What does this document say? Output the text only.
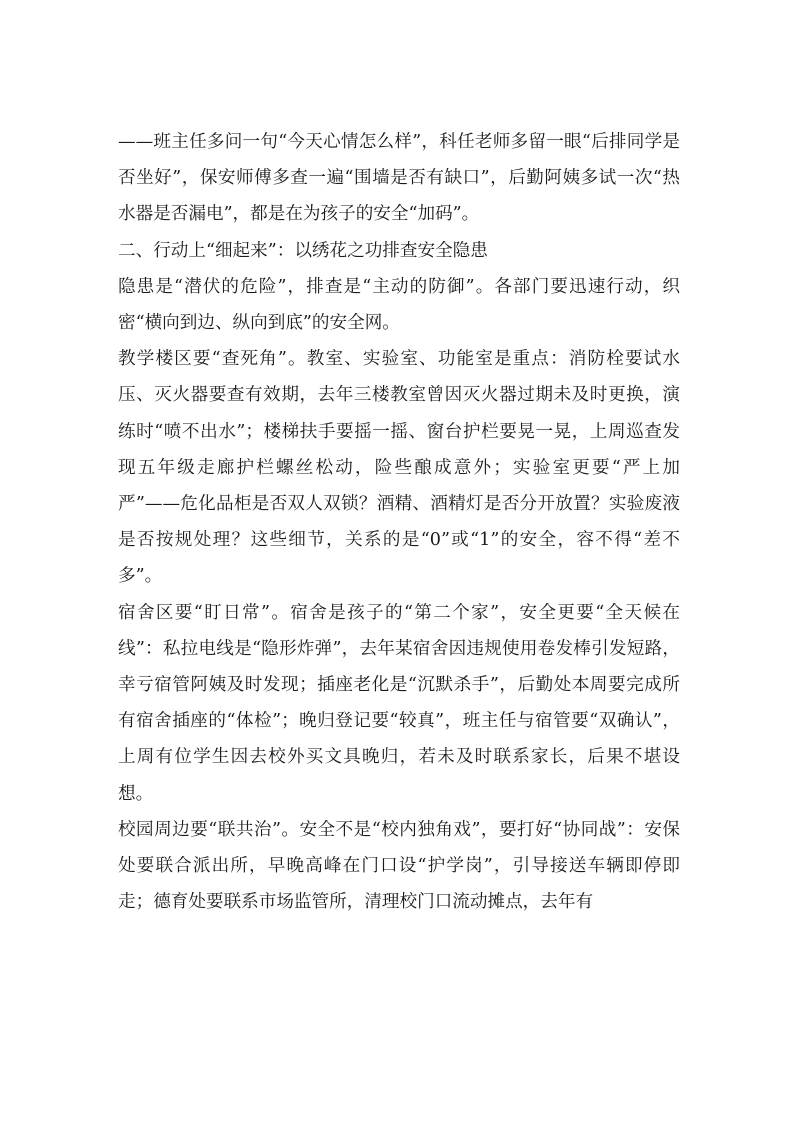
——班主任多问一句“今天心情怎么样”，科任老师多留一眼“后排同学是否坐好”，保安师傅多查一遍“围墙是否有缺口”，后勤阿姨多试一次“热水器是否漏电”，都是在为孩子的安全“加码”。

二、行动上“细起来”：以绣花之功排查安全隐患

隐患是“潜伏的危险”，排查是“主动的防御”。各部门要迅速行动，织密“横向到边、纵向到底”的安全网。

教学楼区要“查死角”。教室、实验室、功能室是重点：消防栓要试水压、灭火器要查有效期，去年三楼教室曾因灭火器过期未及时更换，演练时“喷不出水”；楼梯扶手要摇一摇、窗台护栏要晃一晃，上周巡查发现五年级走廊护栏螺丝松动，险些酿成意外；实验室更要“严上加严”——危化品柜是否双人双锁？酒精、酒精灯是否分开放置？实验废液是否按规处理？这些细节，关系的是“0”或“1”的安全，容不得“差不多”。

宿舍区要“盯日常”。宿舍是孩子的“第二个家”，安全更要“全天候在线”：私拉电线是“隐形炸弹”，去年某宿舍因违规使用卷发棒引发短路，幸亏宿管阿姨及时发现；插座老化是“沉默杀手”，后勤处本周要完成所有宿舍插座的“体检”；晚归登记要“较真”，班主任与宿管要“双确认”，上周有位学生因去校外买文具晚归，若未及时联系家长，后果不堪设想。

校园周边要“联共治”。安全不是“校内独角戏”，要打好“协同战”：安保处要联合派出所，早晚高峰在门口设“护学岗”，引导接送车辆即停即走；德育处要联系市场监管所，清理校门口流动摊点，去年有
